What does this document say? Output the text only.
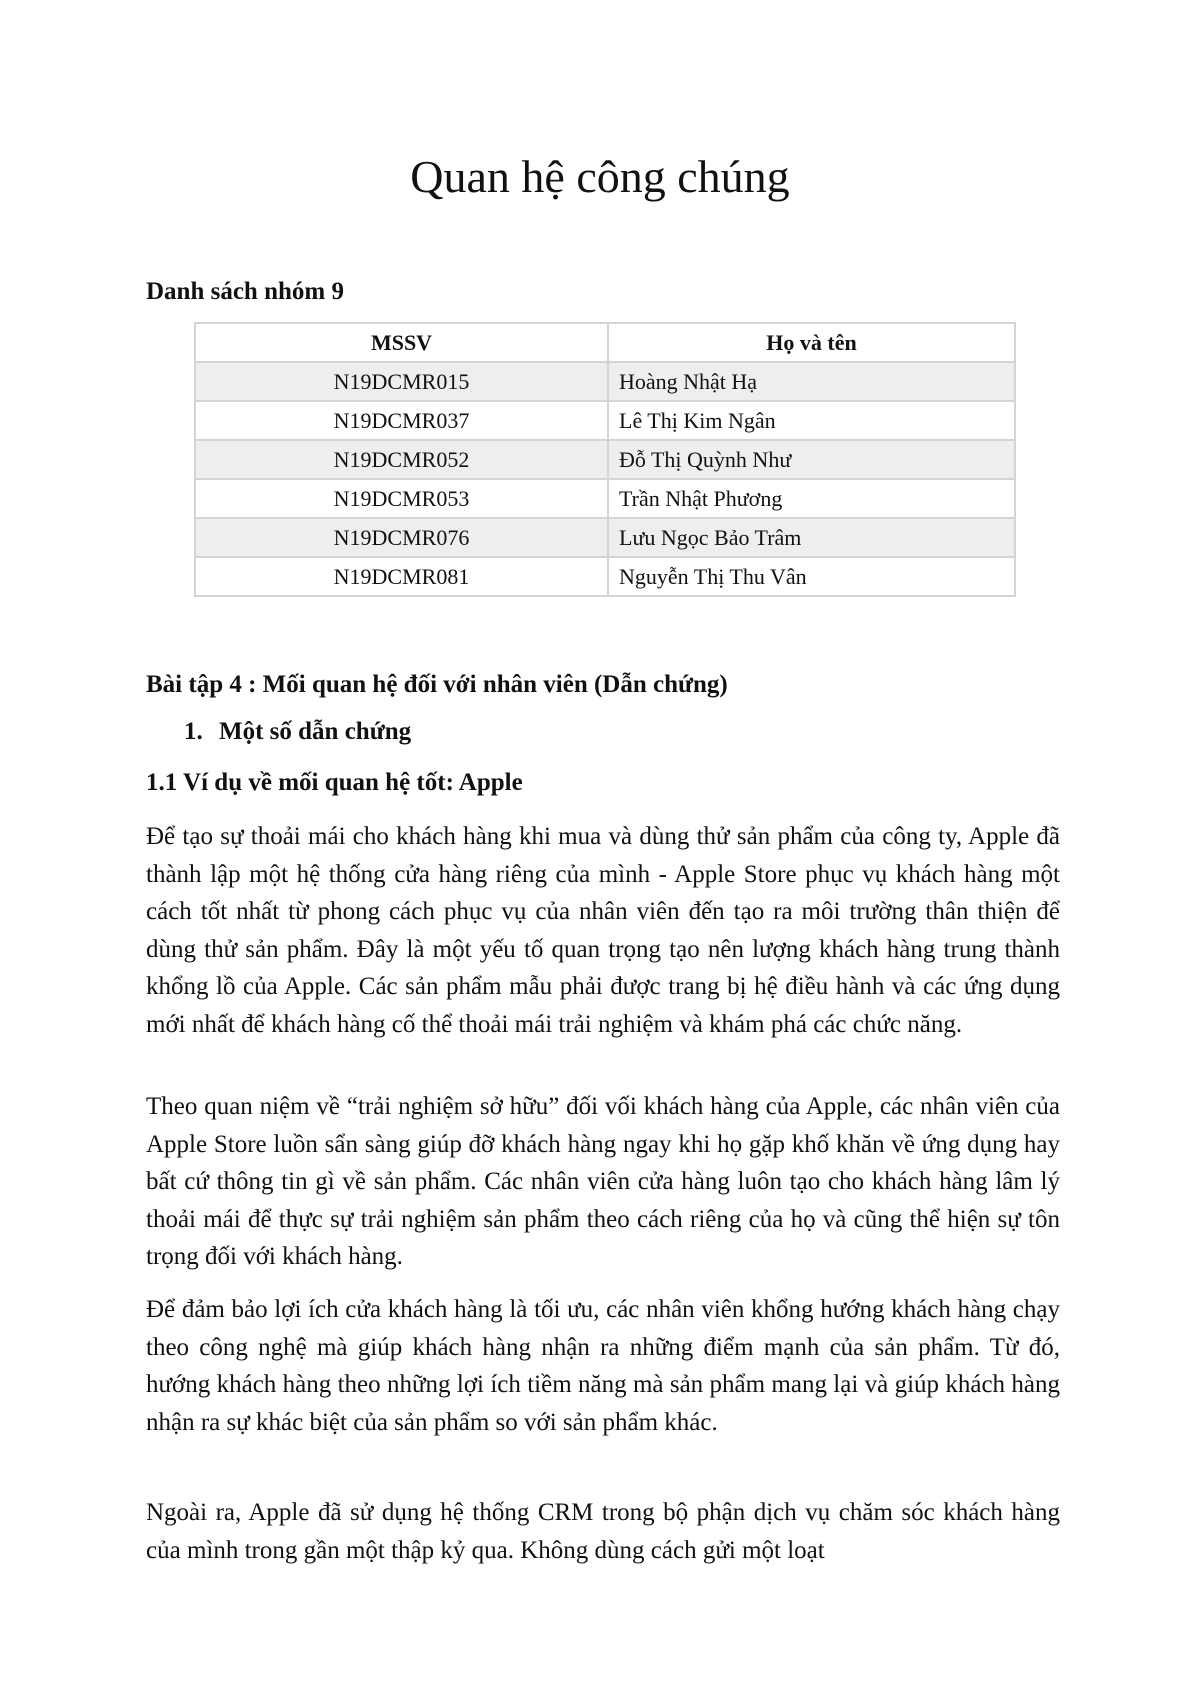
Quan hệ công chúng

Danh sách nhóm 9

MSSV	Họ và tên
N19DCMR015	Hoàng Nhật Hạ
N19DCMR037	Lê Thị Kim Ngân
N19DCMR052	Đỗ Thị Quỳnh Như
N19DCMR053	Trần Nhật Phương
N19DCMR076	Lưu Ngọc Bảo Trâm
N19DCMR081	Nguyễn Thị Thu Vân

Bài tập 4 : Mối quan hệ đối với nhân viên (Dẫn chứng)

1. Một số dẫn chứng

1.1 Ví dụ về mối quan hệ tốt: Apple

Để tạo sự thoải mái cho khách hàng khi mua và dùng thử sản phẩm của công ty, Apple đã thành lập một hệ thống cửa hàng riêng của mình - Apple Store phục vụ khách hàng một cách tốt nhất từ phong cách phục vụ của nhân viên đến tạo ra môi trường thân thiện để dùng thử sản phẩm. Đây là một yếu tố quan trọng tạo nên lượng khách hàng trung thành khổng lồ của Apple. Các sản phẩm mẫu phải được trang bị hệ điều hành và các ứng dụng mới nhất để khách hàng cố thể thoải mái trải nghiệm và khám phá các chức năng.

Theo quan niệm về “trải nghiệm sở hữu” đối vối khách hàng của Apple, các nhân viên của Apple Store luồn sẩn sàng giúp đỡ khách hàng ngay khi họ gặp khố khăn về ứng dụng hay bất cứ thông tin gì về sản phẩm. Các nhân viên cửa hàng luôn tạo cho khách hàng lâm lý thoải mái để thực sự trải nghiệm sản phẩm theo cách riêng của họ và cũng thể hiện sự tôn trọng đối với khách hàng.

Để đảm bảo lợi ích cửa khách hàng là tối ưu, các nhân viên khổng hướng khách hàng chạy theo công nghệ mà giúp khách hàng nhận ra những điểm mạnh của sản phẩm. Từ đó, hướng khách hàng theo những lợi ích tiềm năng mà sản phẩm mang lại và giúp khách hàng nhận ra sự khác biệt của sản phẩm so với sản phẩm khác.

Ngoài ra, Apple đã sử dụng hệ thống CRM trong bộ phận dịch vụ chăm sóc khách hàng của mình trong gần một thập kỷ qua. Không dùng cách gửi một loạt
